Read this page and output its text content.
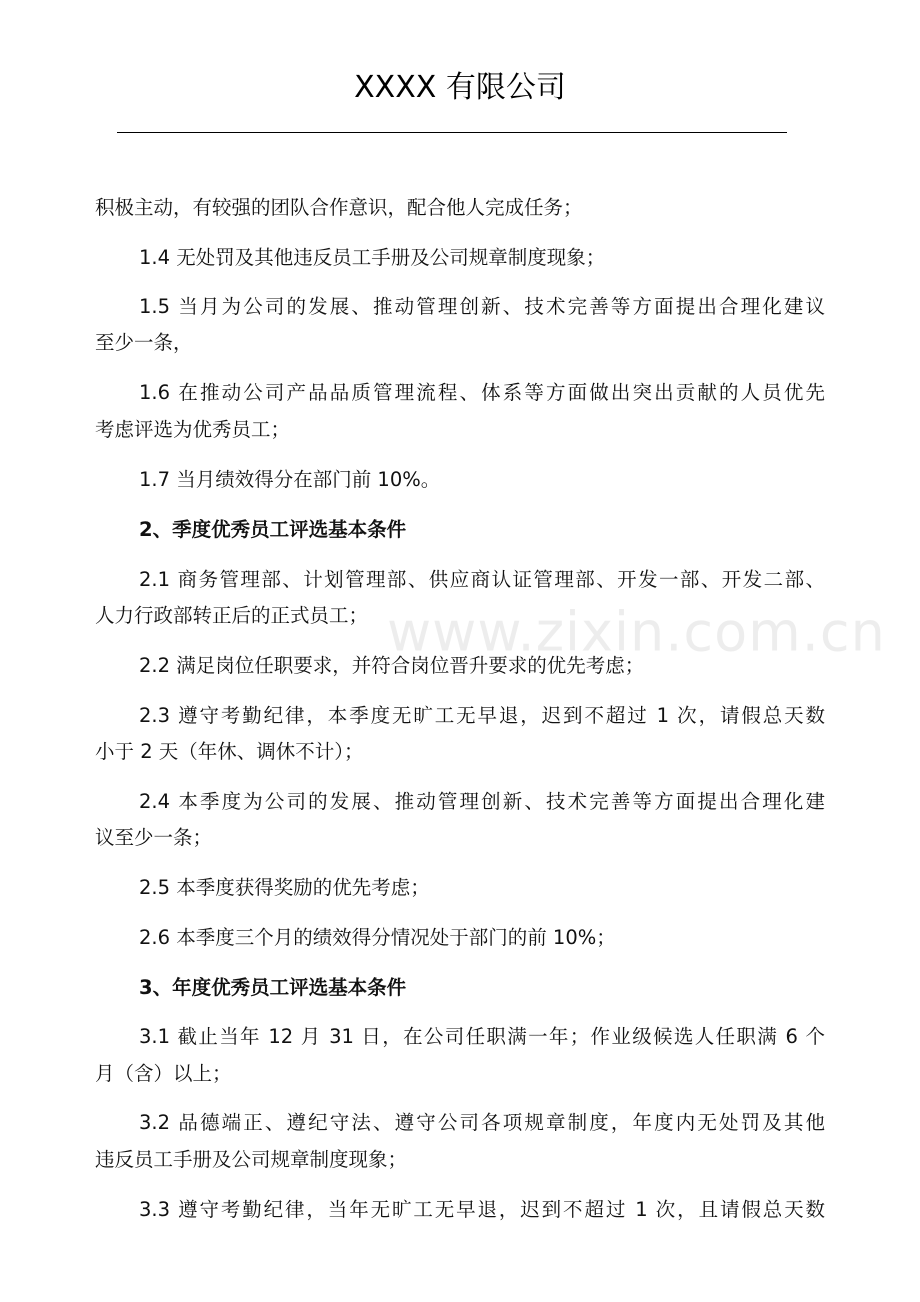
XXXX 有限公司
www.zixin.com.cn
积极主动，有较强的团队合作意识，配合他人完成任务；
1.4 无处罚及其他违反员工手册及公司规章制度现象；
1.5 当月为公司的发展、推动管理创新、技术完善等方面提出合理化建议
至少一条，
1.6 在推动公司产品品质管理流程、体系等方面做出突出贡献的人员优先
考虑评选为优秀员工；
1.7 当月绩效得分在部门前 10%。
2、季度优秀员工评选基本条件
2.1 商务管理部、计划管理部、供应商认证管理部、开发一部、开发二部、
人力行政部转正后的正式员工；
2.2 满足岗位任职要求，并符合岗位晋升要求的优先考虑；
2.3 遵守考勤纪律，本季度无旷工无早退，迟到不超过 1 次，请假总天数
小于 2 天（年休、调休不计）；
2.4 本季度为公司的发展、推动管理创新、技术完善等方面提出合理化建
议至少一条；
2.5 本季度获得奖励的优先考虑；
2.6 本季度三个月的绩效得分情况处于部门的前 10%；
3、年度优秀员工评选基本条件
3.1 截止当年 12 月 31 日，在公司任职满一年；作业级候选人任职满 6 个
月（含）以上；
3.2 品德端正、遵纪守法、遵守公司各项规章制度，年度内无处罚及其他
违反员工手册及公司规章制度现象；
3.3 遵守考勤纪律，当年无旷工无早退，迟到不超过 1 次，且请假总天数
